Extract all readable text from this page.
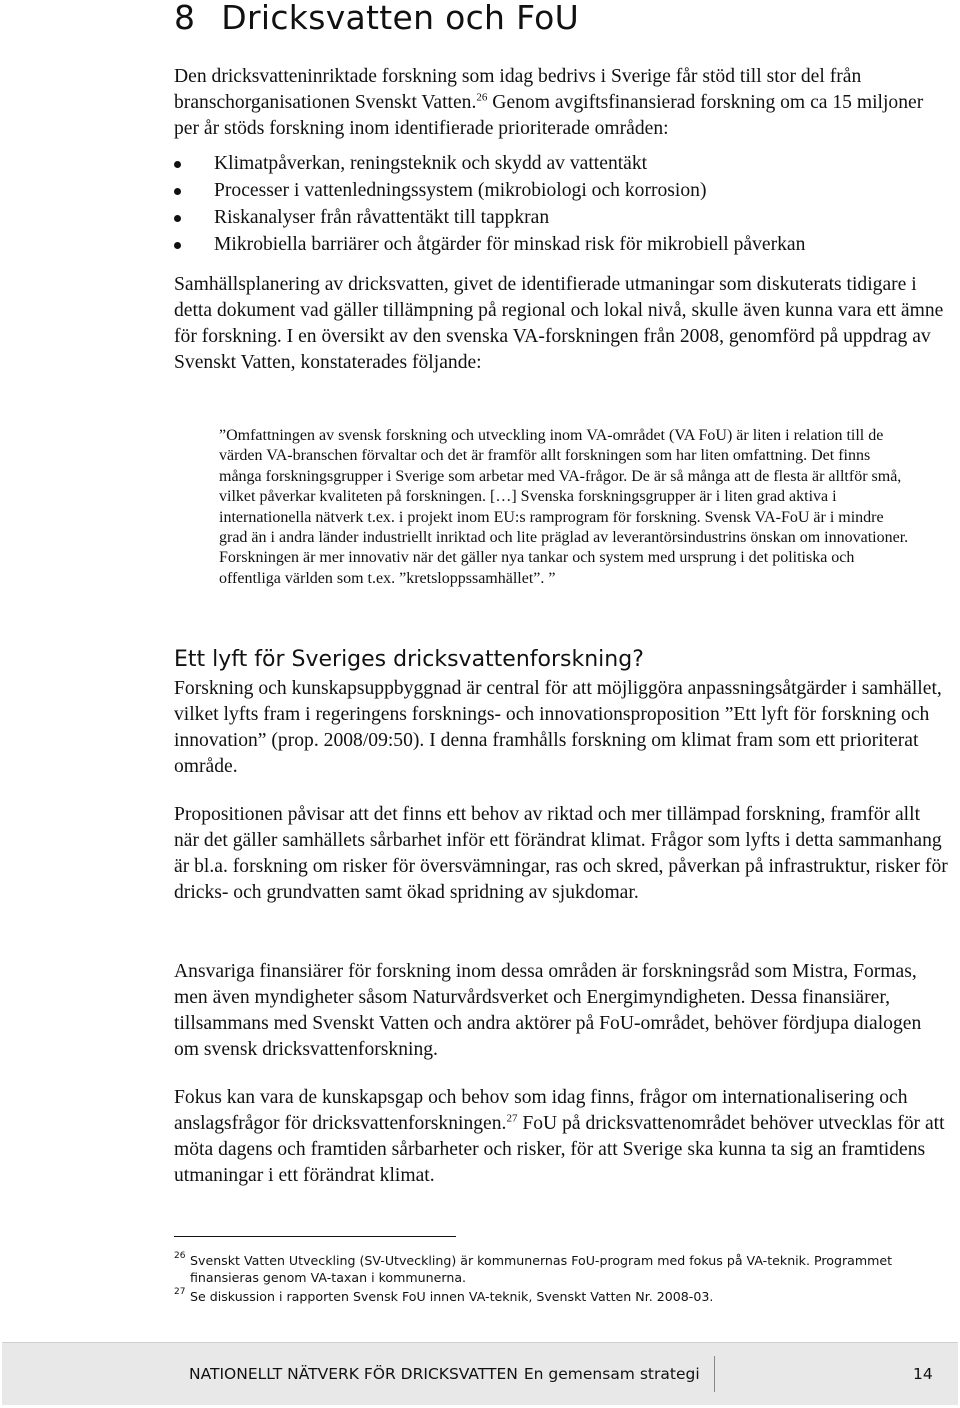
8 Dricksvatten och FoU

Den dricksvatteninriktade forskning som idag bedrivs i Sverige får stöd till stor del från branschorganisationen Svenskt Vatten.$^{26}$ Genom avgiftsfinansierad forskning om ca 15 miljoner per år stöds forskning inom identifierade prioriterade områden:

Klimatpåverkan, reningsteknik och skydd av vattentäkt
Processer i vattenledningssystem (mikrobiologi och korrosion)
Riskanalyser från råvattentäkt till tappkran
Mikrobiella barriärer och åtgärder för minskad risk för mikrobiell påverkan

Samhällsplanering av dricksvatten, givet de identifierade utmaningar som diskuterats tidigare i detta dokument vad gäller tillämpning på regional och lokal nivå, skulle även kunna vara ett ämne för forskning. I en översikt av den svenska VA-forskningen från 2008, genomförd på uppdrag av Svenskt Vatten, konstaterades följande:

”Omfattningen av svensk forskning och utveckling inom VA-området (VA FoU) är liten i relation till de värden VA-branschen förvaltar och det är framför allt forskningen som har liten omfattning. Det finns många forskningsgrupper i Sverige som arbetar med VA-frågor. De är så många att de flesta är alltför små, vilket påverkar kvaliteten på forskningen. […] Svenska forskningsgrupper är i liten grad aktiva i internationella nätverk t.ex. i projekt inom EU:s ramprogram för forskning. Svensk VA-FoU är i mindre grad än i andra länder industriellt inriktad och lite präglad av leverantörsindustrins önskan om innovationer. Forskningen är mer innovativ när det gäller nya tankar och system med ursprung i det politiska och offentliga världen som t.ex. ”kretsloppssamhället”. ”

Ett lyft för Sveriges dricksvattenforskning?

Forskning och kunskapsuppbyggnad är central för att möjliggöra anpassningsåtgärder i samhället, vilket lyfts fram i regeringens forsknings- och innovationsproposition ”Ett lyft för forskning och innovation” (prop. 2008/09:50). I denna framhålls forskning om klimat fram som ett prioriterat område.

Propositionen påvisar att det finns ett behov av riktad och mer tillämpad forskning, framför allt när det gäller samhällets sårbarhet inför ett förändrat klimat. Frågor som lyfts i detta sammanhang är bl.a. forskning om risker för översvämningar, ras och skred, påverkan på infrastruktur, risker för dricks- och grundvatten samt ökad spridning av sjukdomar.

Ansvariga finansiärer för forskning inom dessa områden är forskningsråd som Mistra, Formas, men även myndigheter såsom Naturvårdsverket och Energimyndigheten. Dessa finansiärer, tillsammans med Svenskt Vatten och andra aktörer på FoU-området, behöver fördjupa dialogen om svensk dricksvattenforskning.

Fokus kan vara de kunskapsgap och behov som idag finns, frågor om internationalisering och anslagsfrågor för dricksvattenforskningen.$^{27}$ FoU på dricksvattenområdet behöver utvecklas för att möta dagens och framtiden sårbarheter och risker, för att Sverige ska kunna ta sig an framtidens utmaningar i ett förändrat klimat.

26 Svenskt Vatten Utveckling (SV-Utveckling) är kommunernas FoU-program med fokus på VA-teknik. Programmet finansieras genom VA-taxan i kommunerna.

27 Se diskussion i rapporten Svensk FoU innen VA-teknik, Svenskt Vatten Nr. 2008-03.

NATIONELLT NÄTVERK FÖR DRICKSVATTEN En gemensam strategi	14
